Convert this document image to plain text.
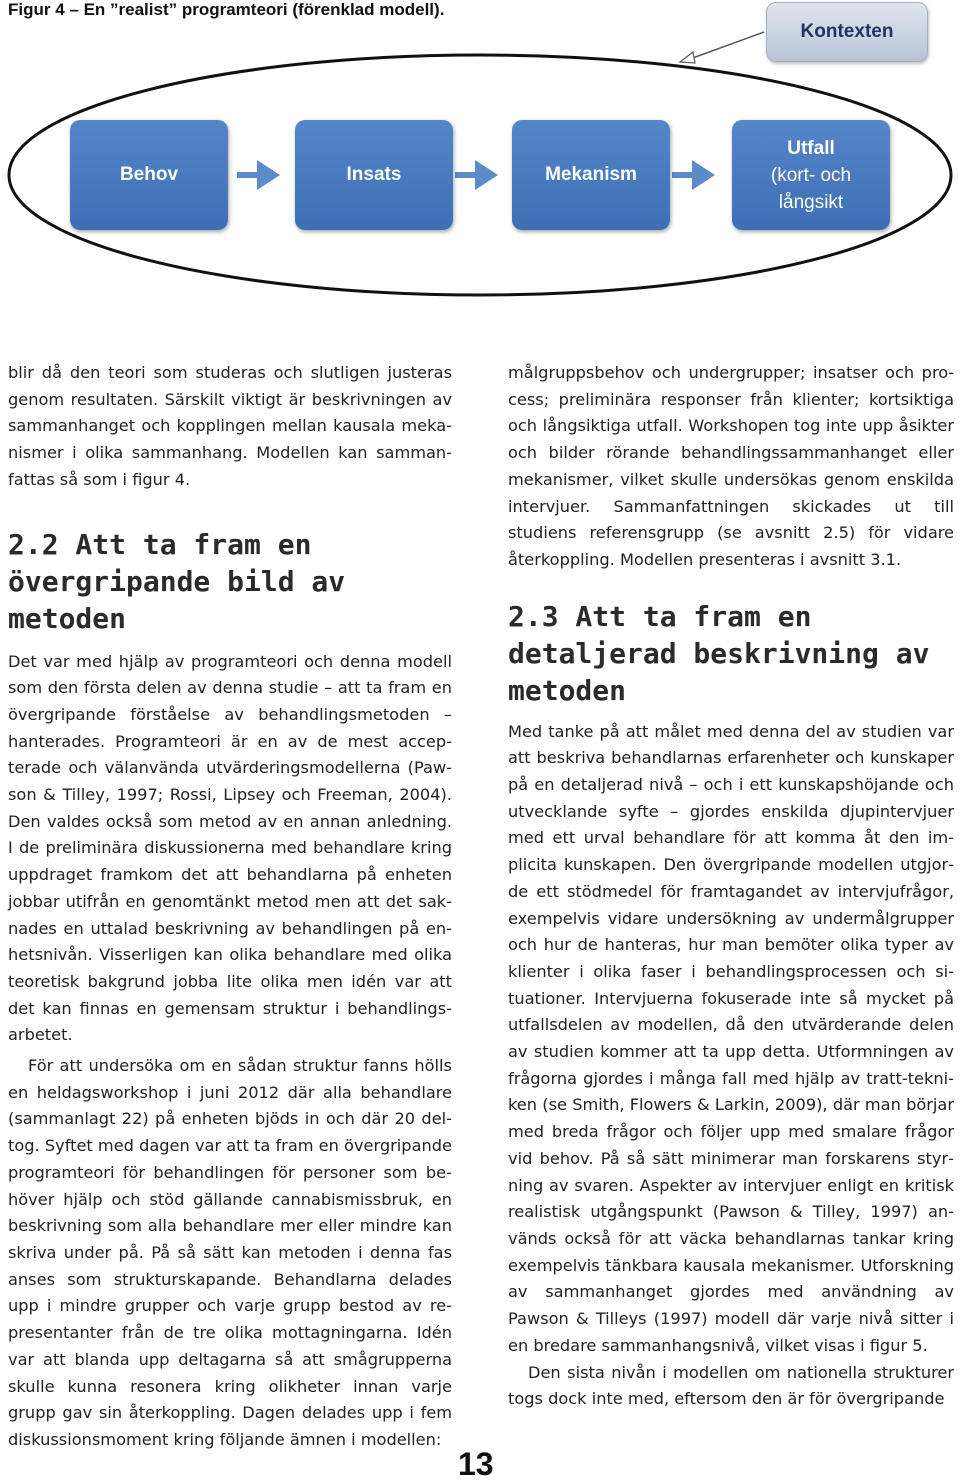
Figur 4 – En ”realist” programteori (förenklad modell).
Kontexten
Behov	Insats	Mekanism
Utfall
(kort- och
långsikt

blir då den teori som studeras och slutligen justeras genom resultaten. Särskilt viktigt är beskrivningen av sammanhanget och kopplingen mellan kausala mekanismer i olika sammanhang. Modellen kan sammanfattas så som i figur 4.

2.2 Att ta fram en övergripande bild av metoden

Det var med hjälp av programteori och denna modell som den första delen av denna studie – att ta fram en övergripande förståelse av behandlingsmetoden – hanterades. Programteori är en av de mest accepterade och välanvända utvärderingsmodellerna (Pawson & Tilley, 1997; Rossi, Lipsey och Freeman, 2004). Den valdes också som metod av en annan anledning. I de preliminära diskussionerna med behandlare kring uppdraget framkom det att behandlarna på enheten jobbar utifrån en genomtänkt metod men att det saknades en uttalad beskrivning av behandlingen på enhetsnivån. Visserligen kan olika behandlare med olika teoretisk bakgrund jobba lite olika men idén var att det kan finnas en gemensam struktur i behandlingsarbetet.

För att undersöka om en sådan struktur fanns hölls en heldagsworkshop i juni 2012 där alla behandlare (sammanlagt 22) på enheten bjöds in och där 20 deltog. Syftet med dagen var att ta fram en övergripande programteori för behandlingen för personer som behöver hjälp och stöd gällande cannabismissbruk, en beskrivning som alla behandlare mer eller mindre kan skriva under på. På så sätt kan metoden i denna fas anses som strukturskapande. Behandlarna delades upp i mindre grupper och varje grupp bestod av representanter från de tre olika mottagningarna. Idén var att blanda upp deltagarna så att smågrupperna skulle kunna resonera kring olikheter innan varje grupp gav sin återkoppling. Dagen delades upp i fem diskussionsmoment kring följande ämnen i modellen:

målgruppsbehov och undergrupper; insatser och process; preliminära responser från klienter; kortsiktiga och långsiktiga utfall. Workshopen tog inte upp åsikter och bilder rörande behandlingssammanhanget eller mekanismer, vilket skulle undersökas genom enskilda intervjuer. Sammanfattningen skickades ut till studiens referensgrupp (se avsnitt 2.5) för vidare återkoppling. Modellen presenteras i avsnitt 3.1.

2.3 Att ta fram en detaljerad beskrivning av metoden

Med tanke på att målet med denna del av studien var att beskriva behandlarnas erfarenheter och kunskaper på en detaljerad nivå – och i ett kunskapshöjande och utvecklande syfte – gjordes enskilda djupintervjuer med ett urval behandlare för att komma åt den implicita kunskapen. Den övergripande modellen utgjorde ett stödmedel för framtagandet av intervjufrågor, exempelvis vidare undersökning av undermålgrupper och hur de hanteras, hur man bemöter olika typer av klienter i olika faser i behandlingsprocessen och situationer. Intervjuerna fokuserade inte så mycket på utfallsdelen av modellen, då den utvärderande delen av studien kommer att ta upp detta. Utformningen av frågorna gjordes i många fall med hjälp av tratt-tekniken (se Smith, Flowers & Larkin, 2009), där man börjar med breda frågor och följer upp med smalare frågor vid behov. På så sätt minimerar man forskarens styrning av svaren. Aspekter av intervjuer enligt en kritisk realistisk utgångspunkt (Pawson & Tilley, 1997) används också för att väcka behandlarnas tankar kring exempelvis tänkbara kausala mekanismer. Utforskning av sammanhanget gjordes med användning av Pawson & Tilleys (1997) modell där varje nivå sitter i en bredare sammanhangsnivå, vilket visas i figur 5.

Den sista nivån i modellen om nationella strukturer togs dock inte med, eftersom den är för övergripande

13
